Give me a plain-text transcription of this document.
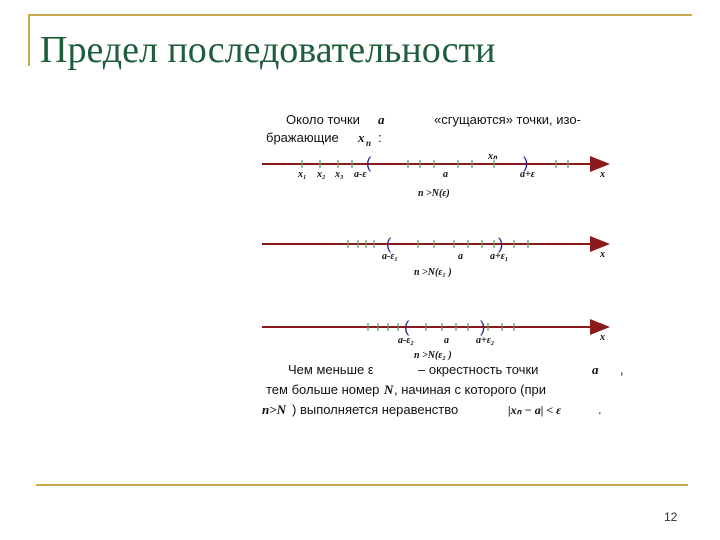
Предел последовательности
Около точки a	«сгущаются» точки, изо-
бражающие x n :
(	)
xₙ
x₁ x₂ x₃ a-ε	a	a+ε	x
n >N(ε)
(	)
a-ε₁	a	a+ε₁	x
n >N(ε₁ )
(	)
a-ε₂	a	a+ε₂	x
n >N(ε₂ )
Чем меньше ε	– окрестность точки	a ,
тем больше номер N , начиная с которого (при
n>N ) выполняется неравенство	|xₙ − a| < ε	.
12
